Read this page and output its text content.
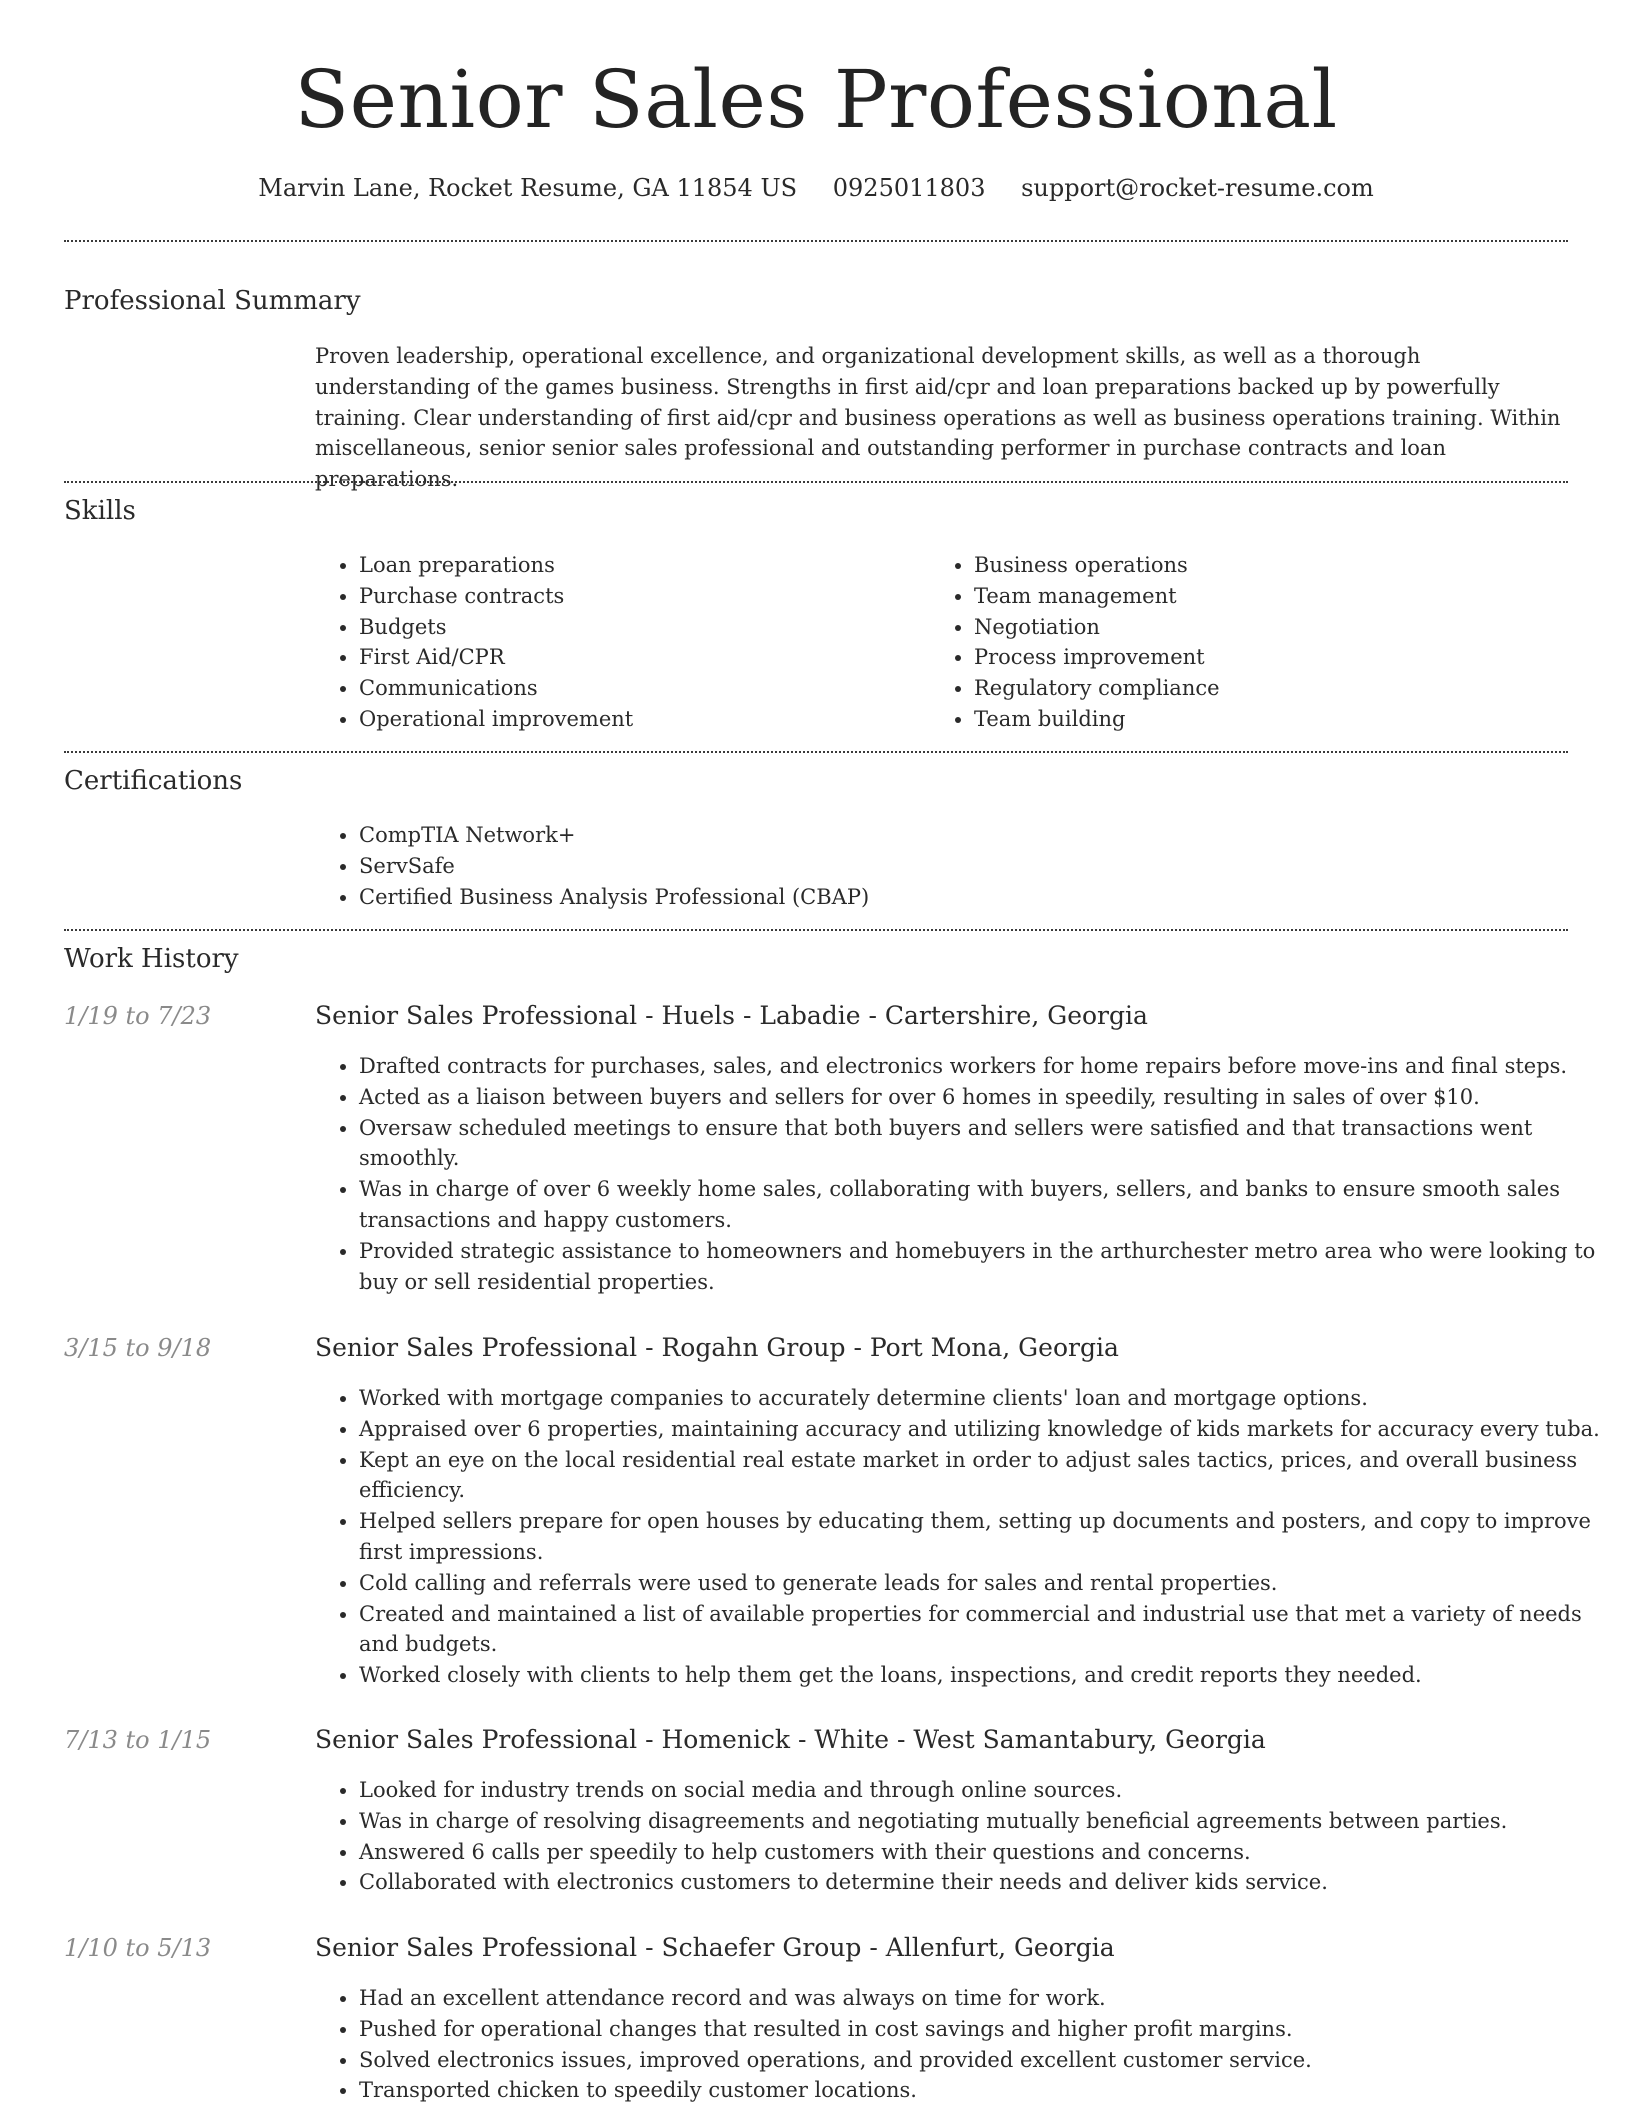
Senior Sales Professional
Marvin Lane, Rocket Resume, GA 11854 US 0925011803 support@rocket-resume.com
Professional Summary

Proven leadership, operational excellence, and organizational development skills, as well as a thorough understanding of the games business. Strengths in first aid/cpr and loan preparations backed up by powerfully training. Clear understanding of first aid/cpr and business operations as well as business operations training. Within miscellaneous, senior senior sales professional and outstanding performer in purchase contracts and loan preparations.

Skills
• Loan preparations
• Purchase contracts
• Budgets
• First Aid/CPR
• Communications
• Operational improvement
• Business operations
• Team management
• Negotiation
• Process improvement
• Regulatory compliance
• Team building
Certifications
• CompTIA Network+
• ServSafe
• Certified Business Analysis Professional (CBAP)
Work History
1/19 to 7/23	Senior Sales Professional - Huels - Labadie - Cartershire, Georgia
• Drafted contracts for purchases, sales, and electronics workers for home repairs before move-ins and final steps.
• Acted as a liaison between buyers and sellers for over 6 homes in speedily, resulting in sales of over $10.
• Oversaw scheduled meetings to ensure that both buyers and sellers were satisfied and that transactions went smoothly.
• Was in charge of over 6 weekly home sales, collaborating with buyers, sellers, and banks to ensure smooth sales transactions and happy customers.
• Provided strategic assistance to homeowners and homebuyers in the arthurchester metro area who were looking to buy or sell residential properties.
3/15 to 9/18	Senior Sales Professional - Rogahn Group - Port Mona, Georgia
• Worked with mortgage companies to accurately determine clients' loan and mortgage options.
• Appraised over 6 properties, maintaining accuracy and utilizing knowledge of kids markets for accuracy every tuba.
• Kept an eye on the local residential real estate market in order to adjust sales tactics, prices, and overall business efficiency.
• Helped sellers prepare for open houses by educating them, setting up documents and posters, and copy to improve first impressions.
• Cold calling and referrals were used to generate leads for sales and rental properties.
• Created and maintained a list of available properties for commercial and industrial use that met a variety of needs and budgets.
• Worked closely with clients to help them get the loans, inspections, and credit reports they needed.
7/13 to 1/15	Senior Sales Professional - Homenick - White - West Samantabury, Georgia
• Looked for industry trends on social media and through online sources.
• Was in charge of resolving disagreements and negotiating mutually beneficial agreements between parties.
• Answered 6 calls per speedily to help customers with their questions and concerns.
• Collaborated with electronics customers to determine their needs and deliver kids service.
1/10 to 5/13	Senior Sales Professional - Schaefer Group - Allenfurt, Georgia
• Had an excellent attendance record and was always on time for work.
• Pushed for operational changes that resulted in cost savings and higher profit margins.
• Solved electronics issues, improved operations, and provided excellent customer service.
• Transported chicken to speedily customer locations.
